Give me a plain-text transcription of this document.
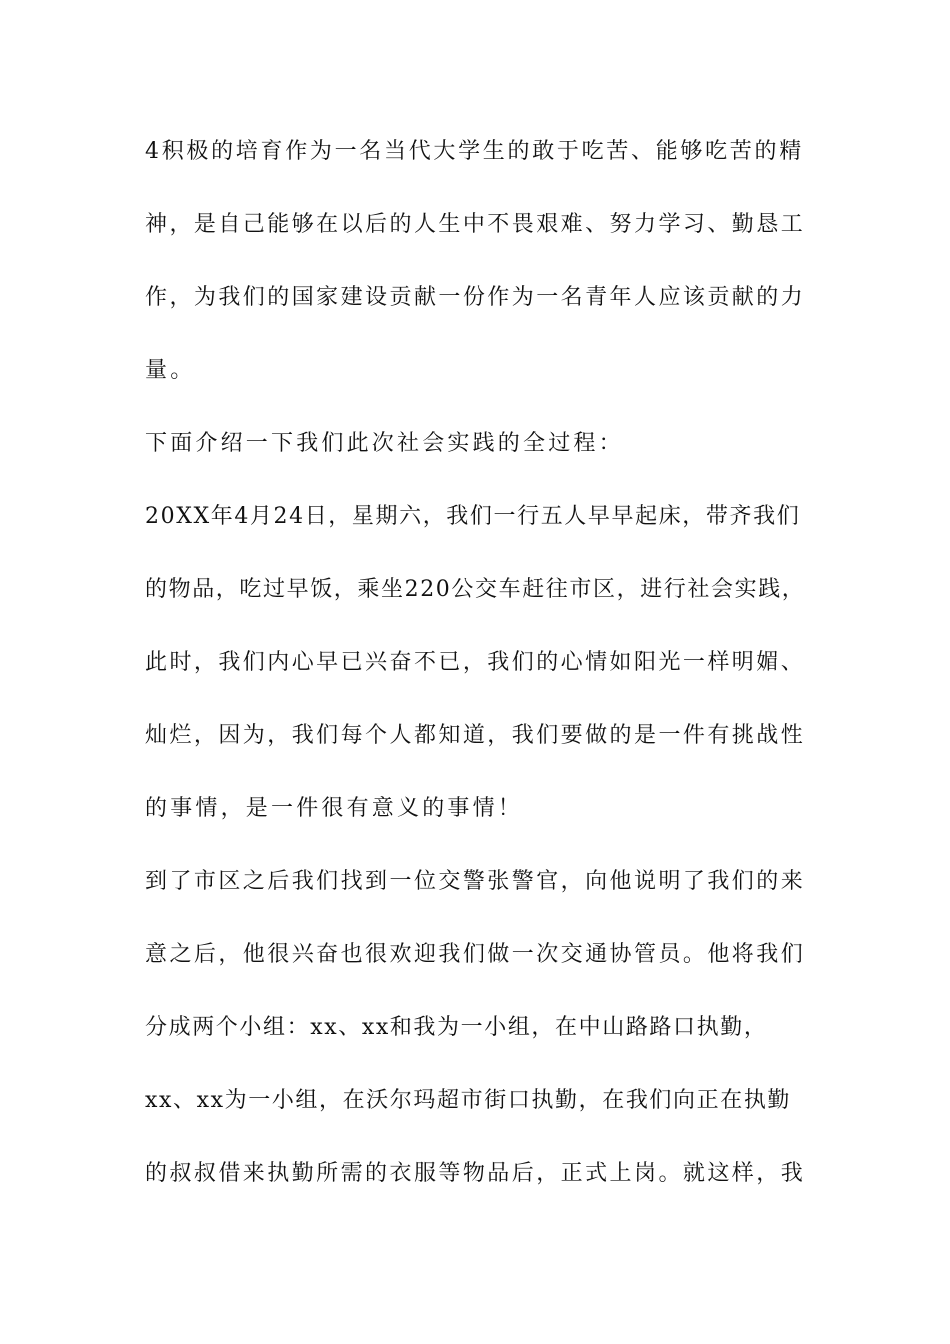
4积极的培育作为一名当代大学生的敢于吃苦、能够吃苦的精
神，是自己能够在以后的人生中不畏艰难、努力学习、勤恳工
作，为我们的国家建设贡献一份作为一名青年人应该贡献的力
量。
下面介绍一下我们此次社会实践的全过程：
20XX年4月24日，星期六，我们一行五人早早起床，带齐我们
的物品，吃过早饭，乘坐220公交车赶往市区，进行社会实践，
此时，我们内心早已兴奋不已，我们的心情如阳光一样明媚、
灿烂，因为，我们每个人都知道，我们要做的是一件有挑战性
的事情，是一件很有意义的事情！
到了市区之后我们找到一位交警张警官，向他说明了我们的来
意之后，他很兴奋也很欢迎我们做一次交通协管员。他将我们
分成两个小组：xx、xx和我为一小组，在中山路路口执勤，
xx、xx为一小组，在沃尔玛超市街口执勤，在我们向正在执勤
的叔叔借来执勤所需的衣服等物品后，正式上岗。就这样，我
